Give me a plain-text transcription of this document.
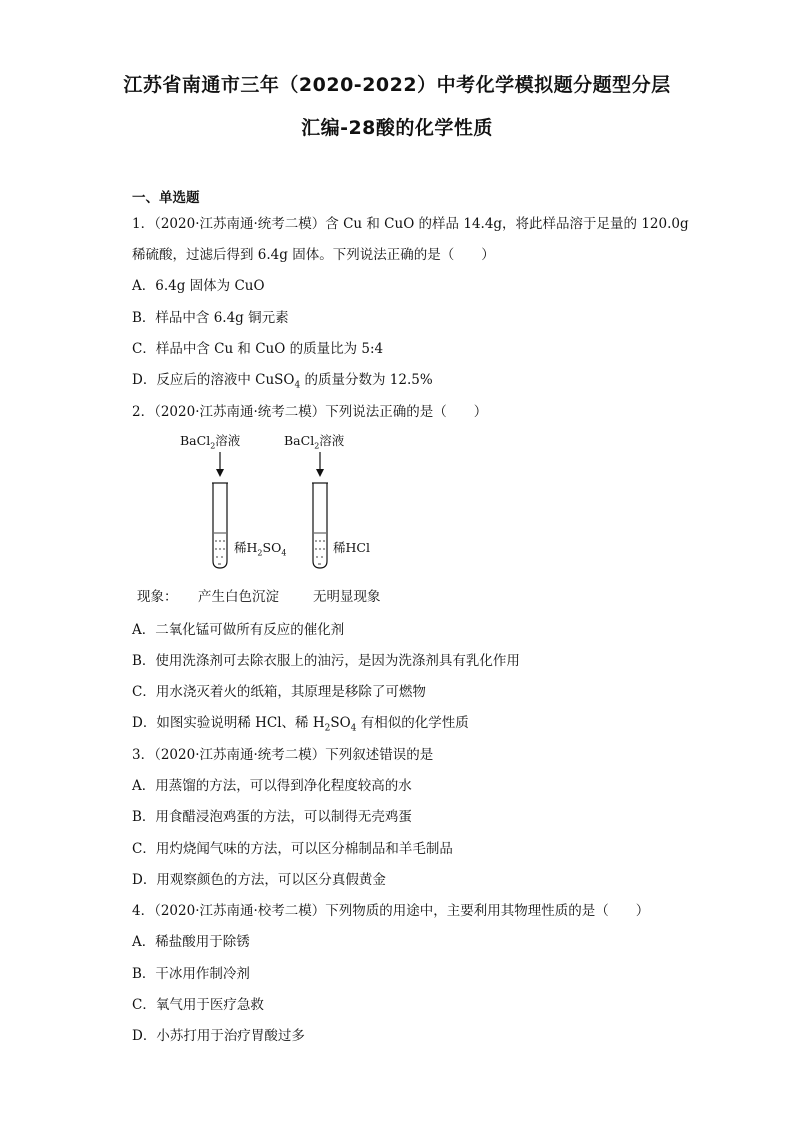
江苏省南通市三年（2020-2022）中考化学模拟题分题型分层
汇编-28酸的化学性质
一、单选题
1．（2020·江苏南通·统考二模）含 Cu 和 CuO 的样品 14.4g，将此样品溶于足量的 120.0g
稀硫酸，过滤后得到 6.4g 固体。下列说法正确的是（　　）
A．6.4g 固体为 CuO
B．样品中含 6.4g 铜元素
C．样品中含 Cu 和 CuO 的质量比为 5:4
D．反应后的溶液中 CuSO$_4$ 的质量分数为 12.5%
2．（2020·江苏南通·统考二模）下列说法正确的是（　　）
BaCl$_2$溶液	BaCl$_2$溶液
稀$H_2SO_4$	稀HCl
现象： 产生白色沉淀	无明显现象
A．二氧化锰可做所有反应的催化剂
B．使用洗涤剂可去除衣服上的油污，是因为洗涤剂具有乳化作用
C．用水浇灭着火的纸箱，其原理是移除了可燃物
D．如图实验说明稀 HCl、稀 $H_2SO_4$ 有相似的化学性质
3．（2020·江苏南通·统考二模）下列叙述错误的是
A．用蒸馏的方法，可以得到净化程度较高的水
B．用食醋浸泡鸡蛋的方法，可以制得无壳鸡蛋
C．用灼烧闻气味的方法，可以区分棉制品和羊毛制品
D．用观察颜色的方法，可以区分真假黄金
4．（2020·江苏南通·校考二模）下列物质的用途中，主要利用其物理性质的是（　　）
A．稀盐酸用于除锈
B．干冰用作制冷剂
C．氧气用于医疗急救
D．小苏打用于治疗胃酸过多
